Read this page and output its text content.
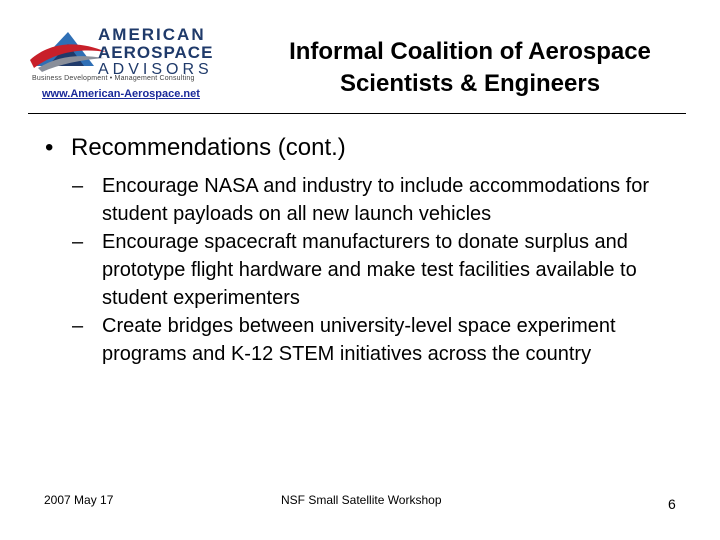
AMERICAN
AEROSPACE
ADVISORS
Business Development • Management Consulting
www.American-Aerospace.net
Informal Coalition of Aerospace
Scientists & Engineers
• Recommendations (cont.)
– Encourage NASA and industry to include accommodations for student payloads on all new launch vehicles
– Encourage spacecraft manufacturers to donate surplus and prototype flight hardware and make test facilities available to student experimenters
– Create bridges between university-level space experiment programs and K-12 STEM initiatives across the country
2007 May 17	NSF Small Satellite Workshop	6
